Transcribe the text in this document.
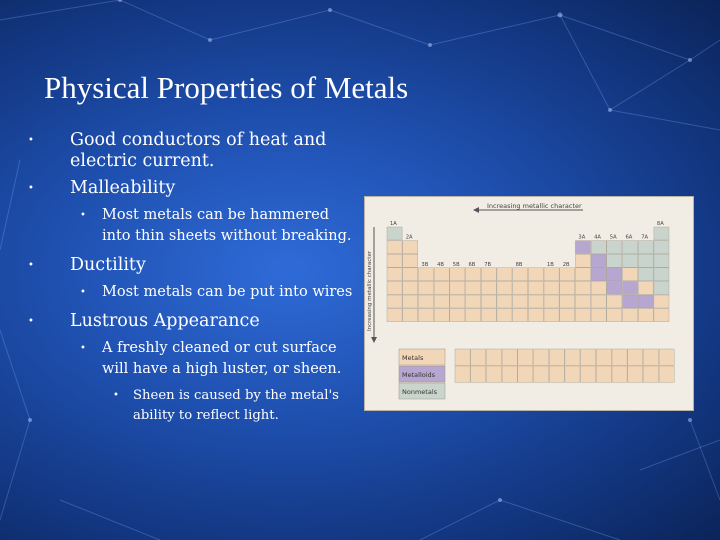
Physical Properties of Metals
• Good conductors of heat and electric current.
• Malleability
• Most metals can be hammered into thin sheets without breaking.
• Ductility
• Most metals can be put into wires
• Lustrous Appearance
• A freshly cleaned or cut surface will have a high luster, or sheen.
• Sheen is caused by the metal's ability to reflect light.
Increasing metallic character
Increasing metallic character
1A
2A
3B 4B 5B 6B 7B	8B	1B 2B
3A 4A 5A 6A 7A
8A
Metals
Metalloids
Nonmetals
